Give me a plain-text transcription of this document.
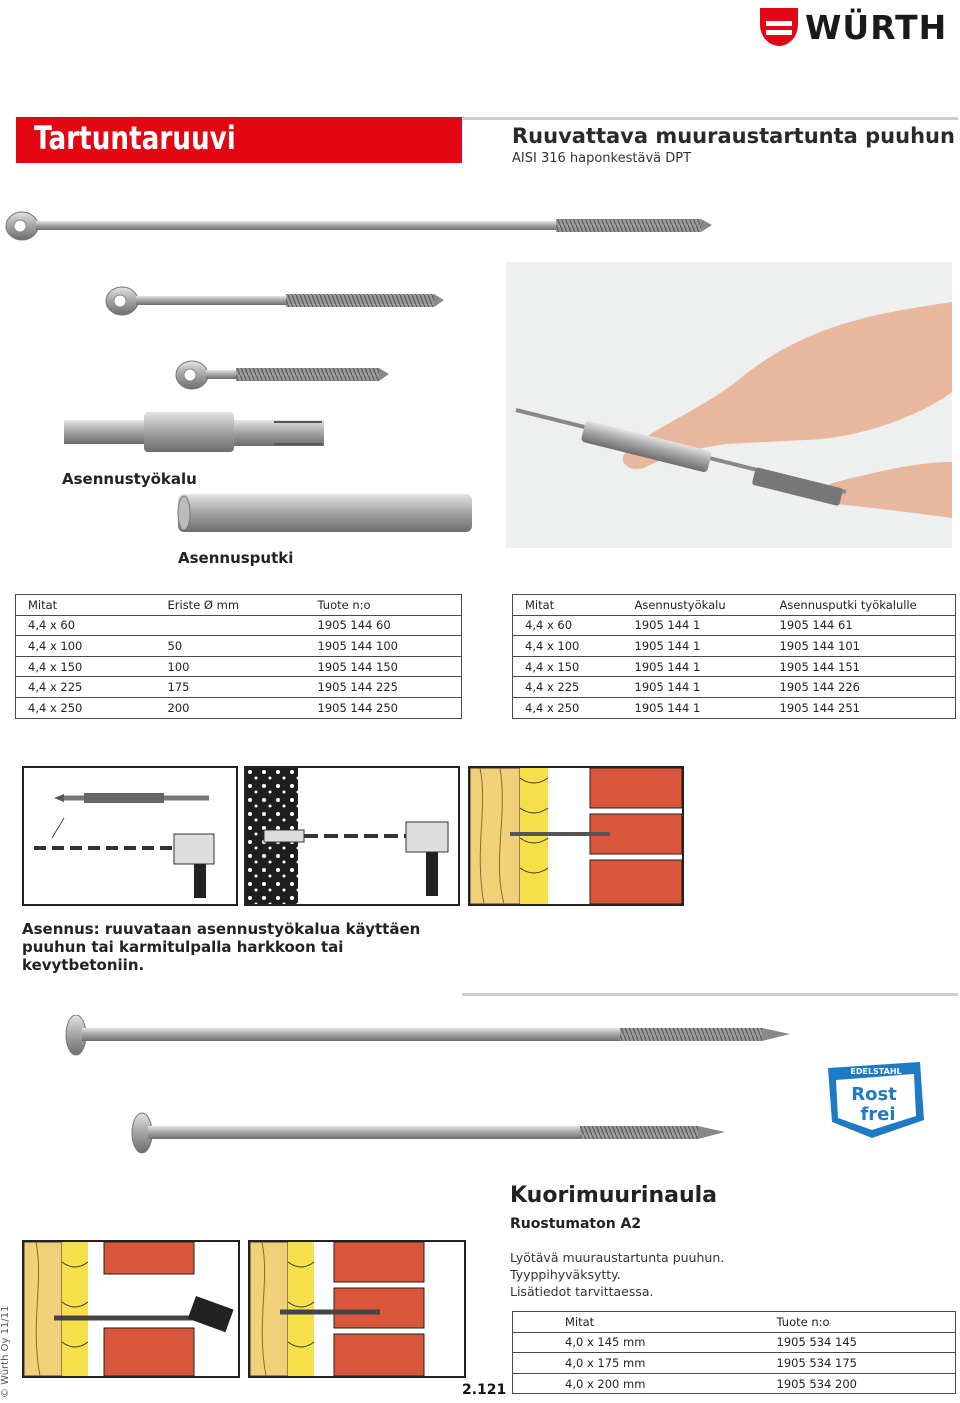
WÜRTH
Tartuntaruuvi	Ruuvattava muuraustartunta puuhun
AISI 316 haponkestävä DPT
Asennustyökalu
Asennusputki
Mitat	Eriste Ø mm	Tuote n:o
4,4 x 60		1905 144 60
4,4 x 100	50	1905 144 100
4,4 x 150	100	1905 144 150
4,4 x 225	175	1905 144 225
4,4 x 250	200	1905 144 250
Mitat	Asennustyökalu	Asennusputki työkalulle
4,4 x 60	1905 144 1	1905 144 61
4,4 x 100	1905 144 1	1905 144 101
4,4 x 150	1905 144 1	1905 144 151
4,4 x 225	1905 144 1	1905 144 226
4,4 x 250	1905 144 1	1905 144 251
Asennus: ruuvataan asennustyökalua käyttäen puuhun tai karmitulpalla harkkoon tai kevytbetoniin.
EDELSTAHL
Rost
frei
Kuorimuurinaula
Ruostumaton A2
Lyötävä muuraustartunta puuhun.
Tyyppihyväksytty.
Lisätiedot tarvittaessa.
Mitat	Tuote n:o
4,0 x 145 mm	1905 534 145
4,0 x 175 mm	1905 534 175
4,0 x 200 mm	1905 534 200
2.121
© Würth Oy 11/11
